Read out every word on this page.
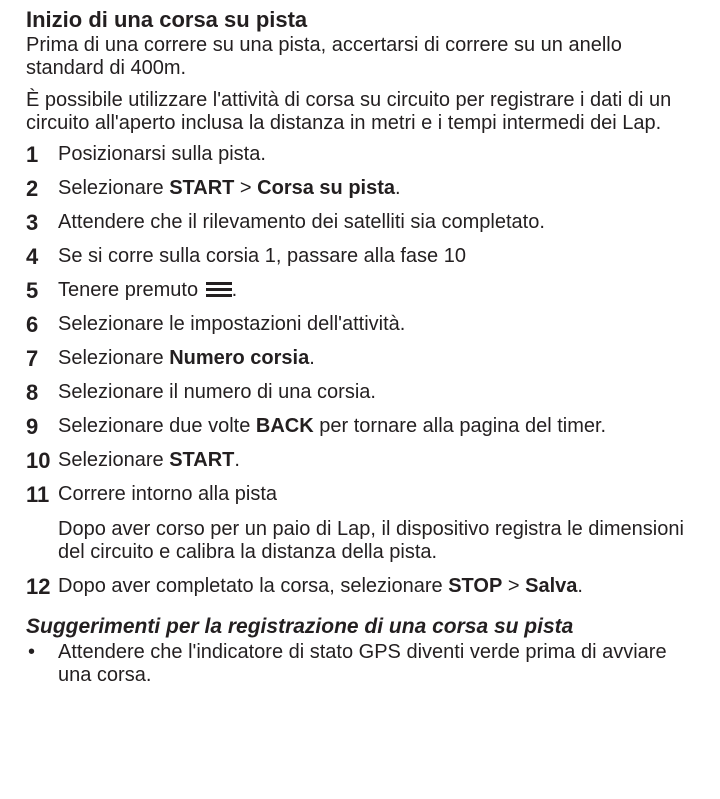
Inizio di una corsa su pista

Prima di una correre su una pista, accertarsi di correre su un anello standard di 400m.

È possibile utilizzare l'attività di corsa su circuito per registrare i dati di un circuito all'aperto inclusa la distanza in metri e i tempi intermedi dei Lap.

1 Posizionarsi sulla pista.
2 Selezionare START > Corsa su pista.
3 Attendere che il rilevamento dei satelliti sia completato.
4 Se si corre sulla corsia 1, passare alla fase 10
5 Tenere premuto
.
6 Selezionare le impostazioni dell'attività.
7 Selezionare Numero corsia.
8 Selezionare il numero di una corsia.
9 Selezionare due volte BACK per tornare alla pagina del timer.
10 Selezionare START.
11 Correre intorno alla pista
Dopo aver corso per un paio di Lap, il dispositivo registra le dimensioni del circuito e calibra la distanza della pista.
12 Dopo aver completato la corsa, selezionare STOP > Salva.
Suggerimenti per la registrazione di una corsa su pista
•	Attendere che l'indicatore di stato GPS diventi verde prima di avviare una corsa.
